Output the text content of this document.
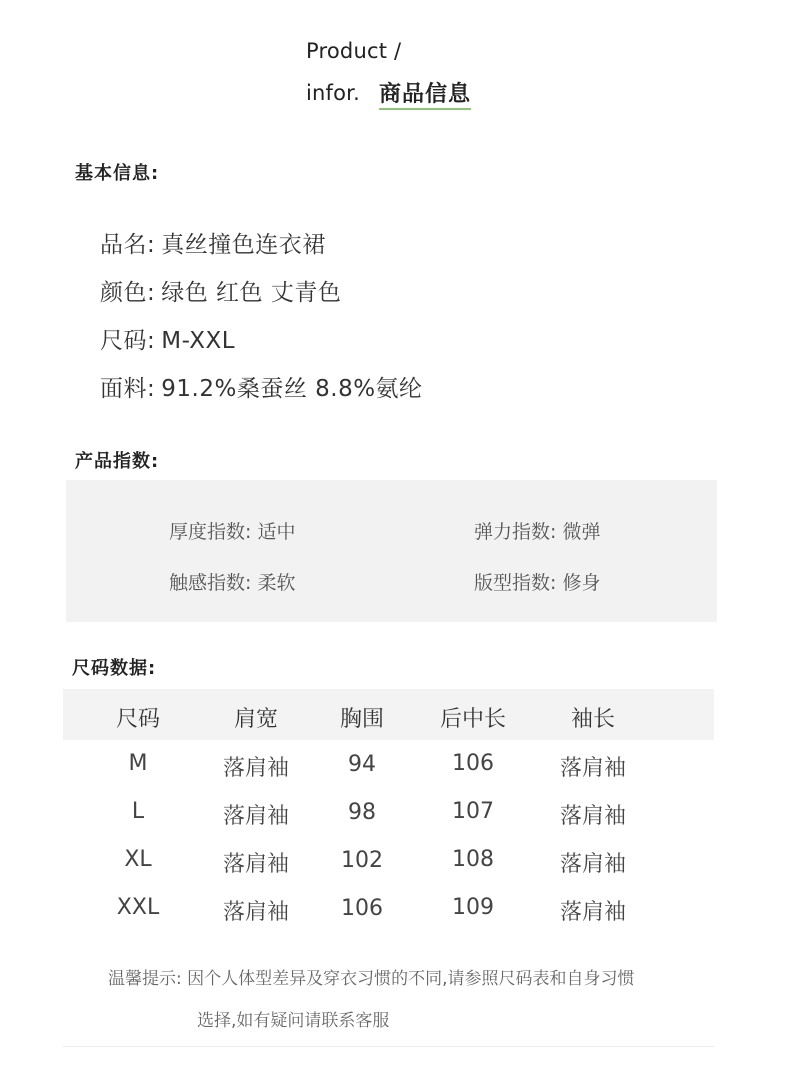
Product /
infor. 商品信息
基本信息:
品名: 真丝撞色连衣裙
颜色: 绿色 红色 丈青色
尺码: M-XXL
面料: 91.2%桑蚕丝 8.8%氨纶
产品指数:
厚度指数: 适中	弹力指数: 微弹
触感指数: 柔软	版型指数: 修身
尺码数据:
尺码	肩宽	胸围	后中长	袖长
M	落肩袖	94	106	落肩袖
L	落肩袖	98	107	落肩袖
XL	落肩袖	102	108	落肩袖
XXL	落肩袖	106	109	落肩袖
温馨提示: 因个人体型差异及穿衣习惯的不同,请参照尺码表和自身习惯
选择,如有疑问请联系客服
